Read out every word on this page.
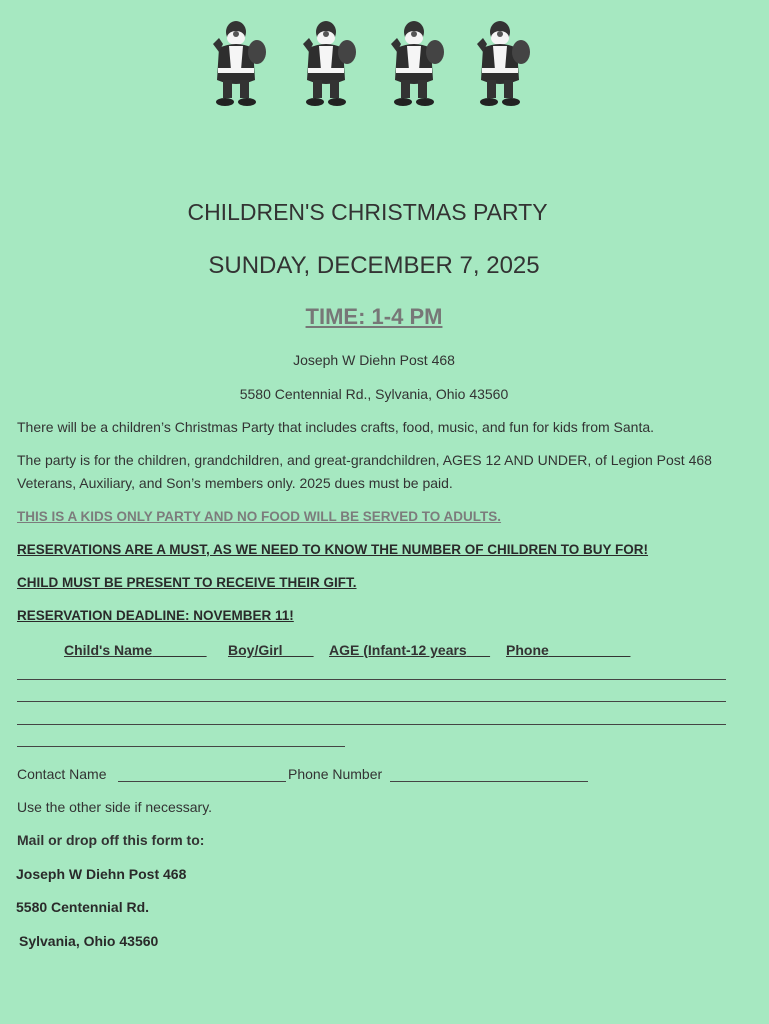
CHILDREN'S CHRISTMAS PARTY
SUNDAY, DECEMBER 7, 2025
TIME: 1-4 PM
Joseph W Diehn Post 468
5580 Centennial Rd., Sylvania, Ohio 43560
There will be a children’s Christmas Party that includes crafts, food, music, and fun for kids from Santa.
The party is for the children, grandchildren, and great-grandchildren, AGES 12 AND UNDER, of Legion Post 468 Veterans, Auxiliary, and Son’s members only. 2025 dues must be paid.
THIS IS A KIDS ONLY PARTY AND NO FOOD WILL BE SERVED TO ADULTS.
RESERVATIONS ARE A MUST, AS WE NEED TO KNOW THE NUMBER OF CHILDREN TO BUY FOR!
CHILD MUST BE PRESENT TO RECEIVE THEIR GIFT.
RESERVATION DEADLINE: NOVEMBER 11!
Child's Name	Boy/Girl	AGE (Infant-12 years	Phone
Contact Name	Phone Number
Use the other side if necessary.
Mail or drop off this form to:
Joseph W Diehn Post 468
5580 Centennial Rd.
Sylvania, Ohio 43560
